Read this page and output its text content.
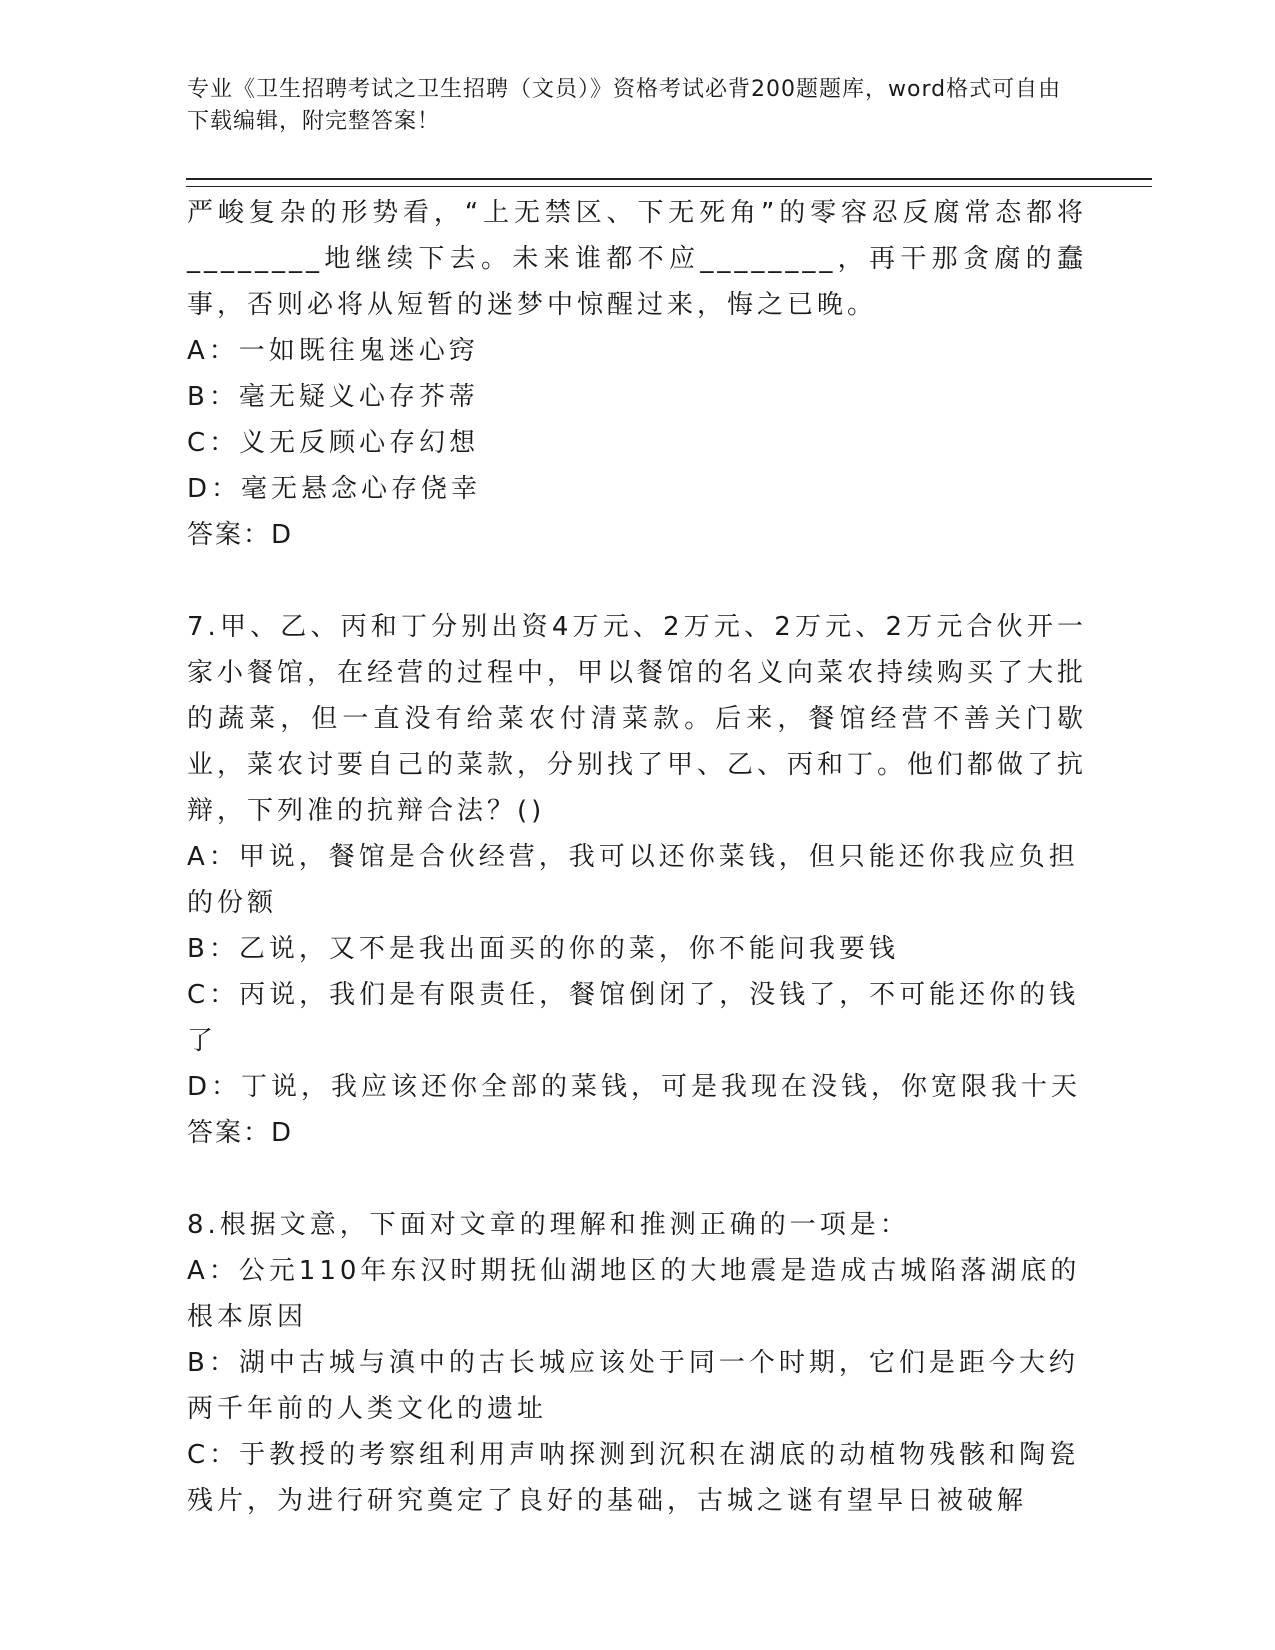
专业《卫生招聘考试之卫生招聘（文员）》资格考试必背200题题库，word格式可自由下载编辑，附完整答案！

严峻复杂的形势看，“上无禁区、下无死角”的零容忍反腐常态都将________地继续下去。未来谁都不应________，再干那贪腐的蠢事，否则必将从短暂的迷梦中惊醒过来，悔之已晚。

A：一如既往鬼迷心窍

B：毫无疑义心存芥蒂

C：义无反顾心存幻想

D：毫无悬念心存侥幸

答案：D

7.甲、乙、丙和丁分别出资4万元、2万元、2万元、2万元合伙开一家小餐馆，在经营的过程中，甲以餐馆的名义向菜农持续购买了大批的蔬菜，但一直没有给菜农付清菜款。后来，餐馆经营不善关门歇业，菜农讨要自己的菜款，分别找了甲、乙、丙和丁。他们都做了抗辩，下列准的抗辩合法？()

A：甲说，餐馆是合伙经营，我可以还你菜钱，但只能还你我应负担的份额

B：乙说，又不是我出面买的你的菜，你不能问我要钱

C：丙说，我们是有限责任，餐馆倒闭了，没钱了，不可能还你的钱了

D：丁说，我应该还你全部的菜钱，可是我现在没钱，你宽限我十天

答案：D

8.根据文意，下面对文章的理解和推测正确的一项是：

A：公元110年东汉时期抚仙湖地区的大地震是造成古城陷落湖底的根本原因

B：湖中古城与滇中的古长城应该处于同一个时期，它们是距今大约两千年前的人类文化的遗址

C：于教授的考察组利用声呐探测到沉积在湖底的动植物残骸和陶瓷残片，为进行研究奠定了良好的基础，古城之谜有望早日被破解
